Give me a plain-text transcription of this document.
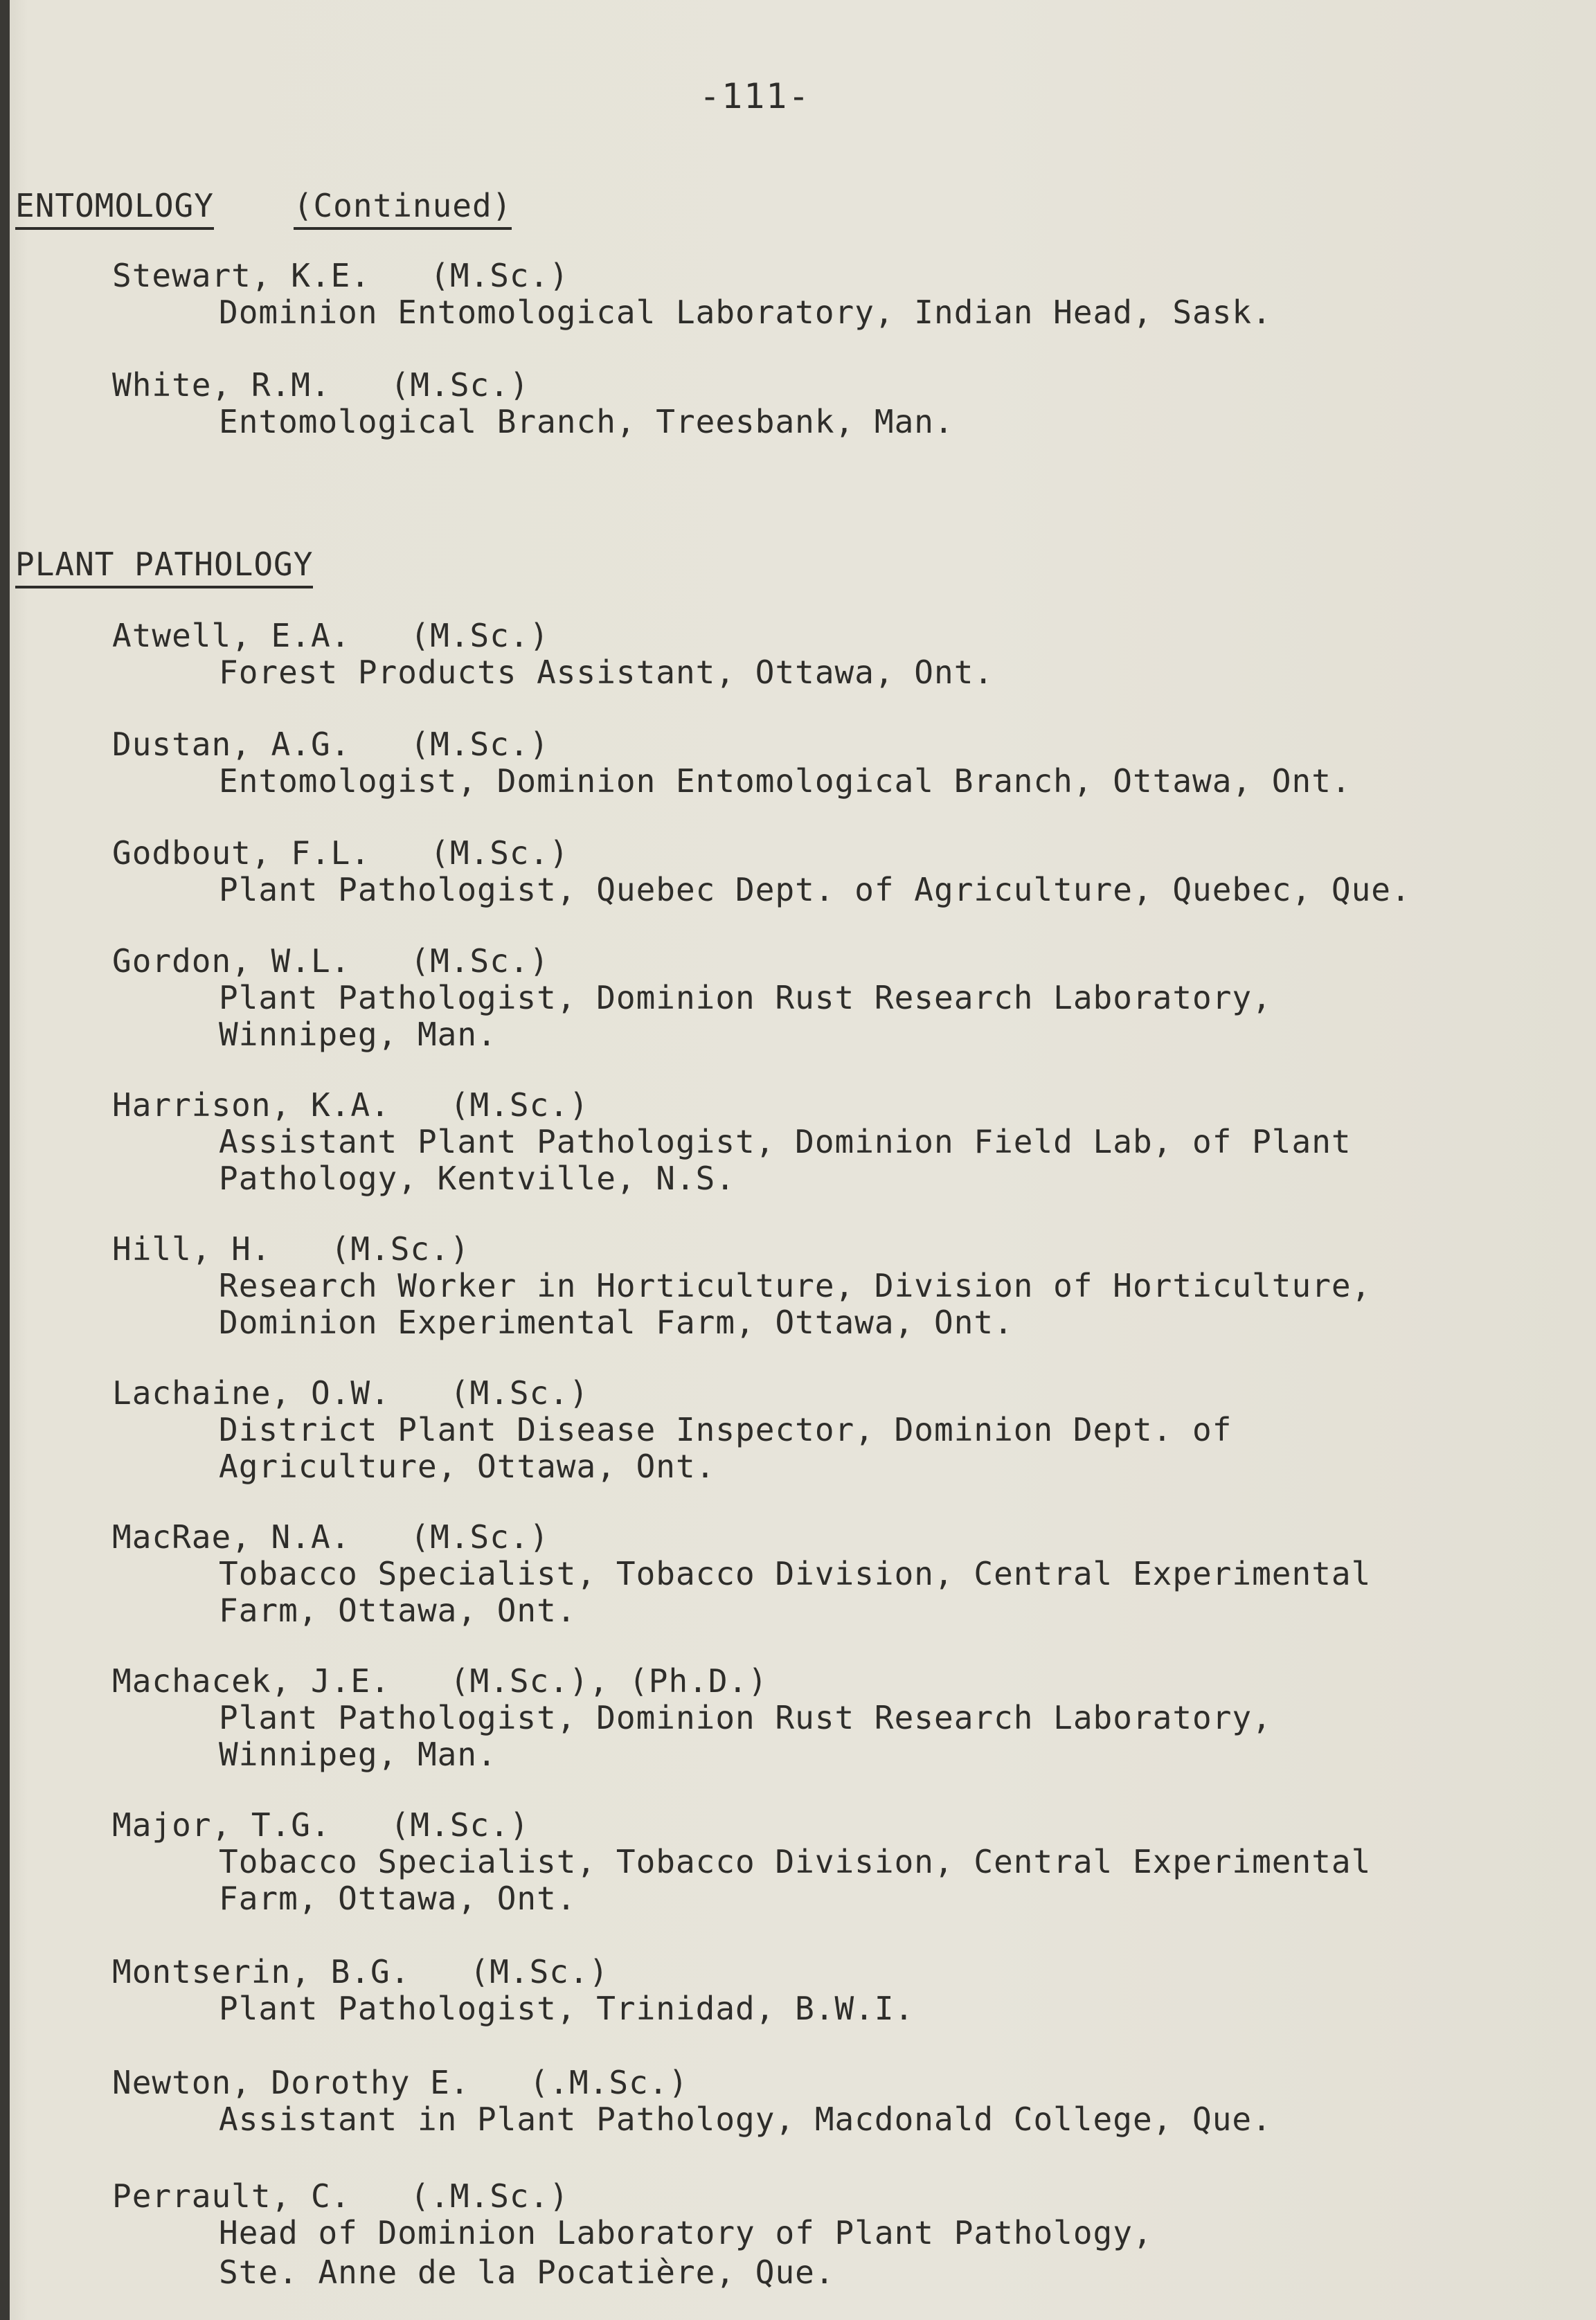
-111-
ENTOMOLOGY (Continued)
Stewart, K.E. (M.Sc.)
Dominion Entomological Laboratory, Indian Head, Sask.
White, R.M. (M.Sc.)
Entomological Branch, Treesbank, Man.
PLANT PATHOLOGY
Atwell, E.A. (M.Sc.)
Forest Products Assistant, Ottawa, Ont.
Dustan, A.G. (M.Sc.)
Entomologist, Dominion Entomological Branch, Ottawa, Ont.
Godbout, F.L. (M.Sc.)
Plant Pathologist, Quebec Dept. of Agriculture, Quebec, Que.
Gordon, W.L. (M.Sc.)
Plant Pathologist, Dominion Rust Research Laboratory,
Winnipeg, Man.
Harrison, K.A. (M.Sc.)
Assistant Plant Pathologist, Dominion Field Lab, of Plant
Pathology, Kentville, N.S.
Hill, H. (M.Sc.)
Research Worker in Horticulture, Division of Horticulture,
Dominion Experimental Farm, Ottawa, Ont.
Lachaine, O.W. (M.Sc.)
District Plant Disease Inspector, Dominion Dept. of
Agriculture, Ottawa, Ont.
MacRae, N.A. (M.Sc.)
Tobacco Specialist, Tobacco Division, Central Experimental
Farm, Ottawa, Ont.
Machacek, J.E. (M.Sc.), (Ph.D.)
Plant Pathologist, Dominion Rust Research Laboratory,
Winnipeg, Man.
Major, T.G. (M.Sc.)
Tobacco Specialist, Tobacco Division, Central Experimental
Farm, Ottawa, Ont.
Montserin, B.G. (M.Sc.)
Plant Pathologist, Trinidad, B.W.I.
Newton, Dorothy E. (.M.Sc.)
Assistant in Plant Pathology, Macdonald College, Que.
Perrault, C. (.M.Sc.)
Head of Dominion Laboratory of Plant Pathology,
Ste. Anne de la Pocatière, Que.
